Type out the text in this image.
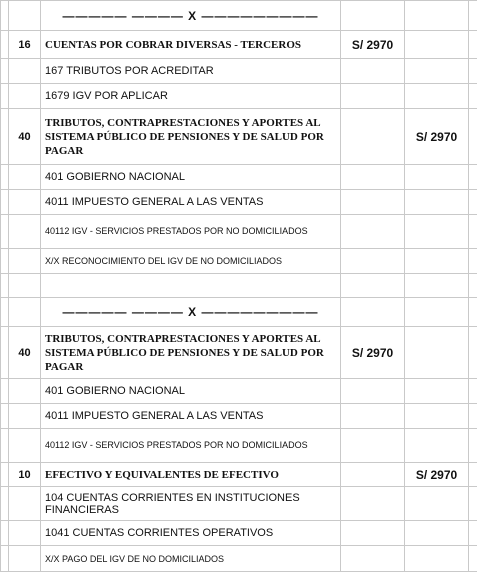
		————— ———— X —————————			
	16	CUENTAS POR COBRAR DIVERSAS - TERCEROS	S/ 2970		
		167 TRIBUTOS POR ACREDITAR			
		1679 IGV POR APLICAR			
	40	TRIBUTOS, CONTRAPRESTACIONES Y APORTES AL SISTEMA PÚBLICO DE PENSIONES Y DE SALUD POR PAGAR		S/ 2970	
		401 GOBIERNO NACIONAL			
		4011 IMPUESTO GENERAL A LAS VENTAS			
		40112 IGV - SERVICIOS PRESTADOS POR NO DOMICILIADOS			
		X/X RECONOCIMIENTO DEL IGV DE NO DOMICILIADOS			

		————— ———— X —————————			
	40	TRIBUTOS, CONTRAPRESTACIONES Y APORTES AL SISTEMA PÚBLICO DE PENSIONES Y DE SALUD POR PAGAR	S/ 2970		
		401 GOBIERNO NACIONAL			
		4011 IMPUESTO GENERAL A LAS VENTAS			
		40112 IGV - SERVICIOS PRESTADOS POR NO DOMICILIADOS			
	10	EFECTIVO Y EQUIVALENTES DE EFECTIVO		S/ 2970	
		104 CUENTAS CORRIENTES EN INSTITUCIONES FINANCIERAS			
		1041 CUENTAS CORRIENTES OPERATIVOS			
		X/X PAGO DEL IGV DE NO DOMICILIADOS			
